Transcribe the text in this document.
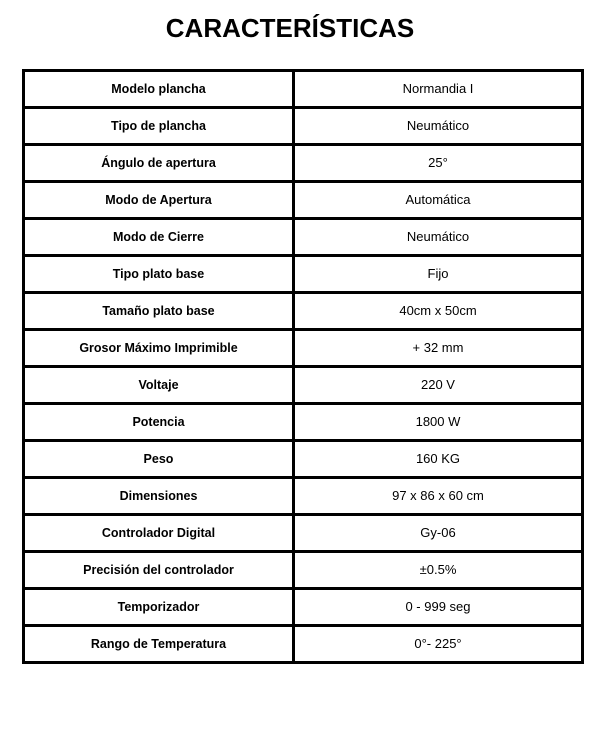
CARACTERÍSTICAS
Modelo plancha	Normandia I
Tipo de plancha	Neumático
Ángulo de apertura	25°
Modo de Apertura	Automática
Modo de Cierre	Neumático
Tipo plato base	Fijo
Tamaño plato base	40cm x 50cm
Grosor Máximo Imprimible	+ 32 mm
Voltaje	220 V
Potencia	1800 W
Peso	160 KG
Dimensiones	97 x 86 x 60 cm
Controlador Digital	Gy-06
Precisión del controlador	±0.5%
Temporizador	0 - 999 seg
Rango de Temperatura	0°- 225°
